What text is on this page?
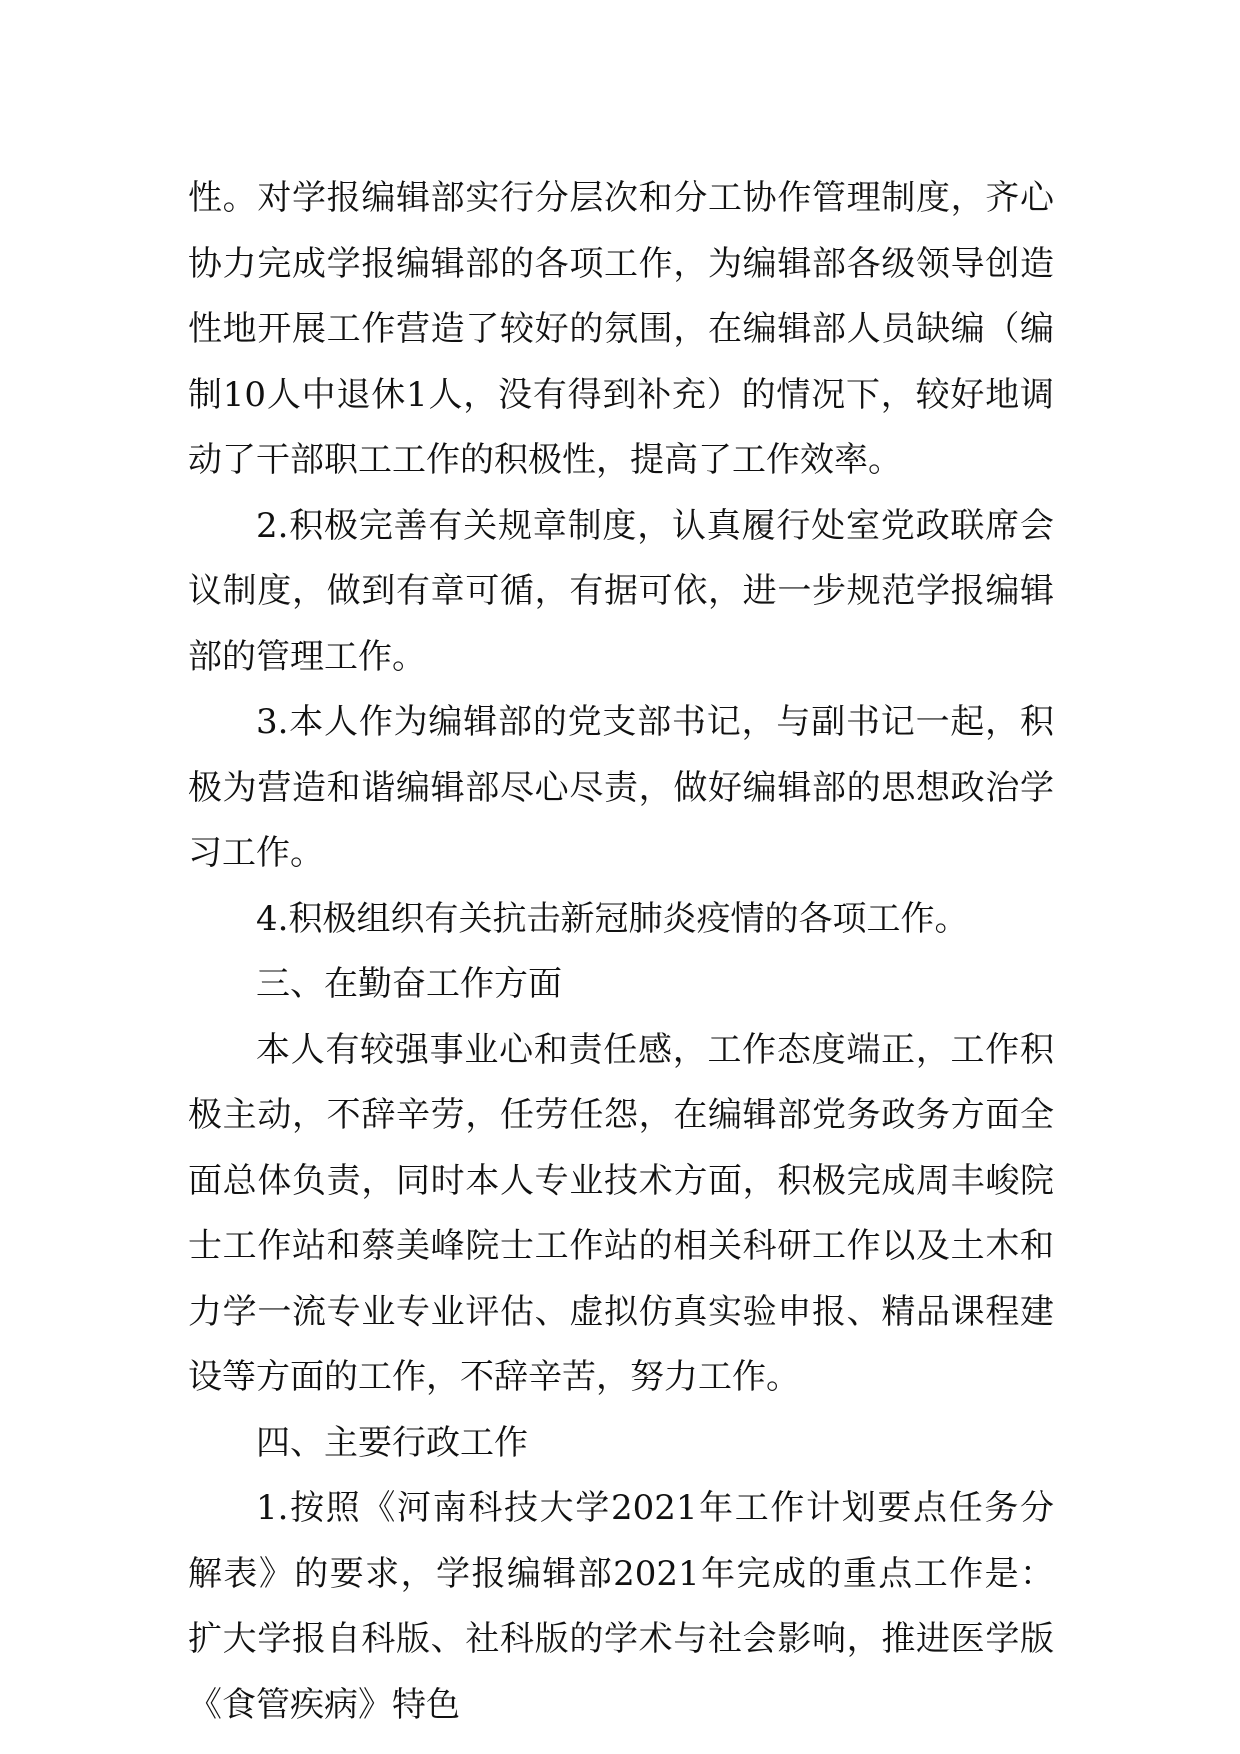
性。对学报编辑部实行分层次和分工协作管理制度，齐心协力完成学报编辑部的各项工作，为编辑部各级领导创造性地开展工作营造了较好的氛围，在编辑部人员缺编（编制10人中退休1人，没有得到补充）的情况下，较好地调动了干部职工工作的积极性，提高了工作效率。

2.积极完善有关规章制度，认真履行处室党政联席会议制度，做到有章可循，有据可依，进一步规范学报编辑部的管理工作。

3.本人作为编辑部的党支部书记，与副书记一起，积极为营造和谐编辑部尽心尽责，做好编辑部的思想政治学习工作。

4.积极组织有关抗击新冠肺炎疫情的各项工作。

三、在勤奋工作方面

本人有较强事业心和责任感，工作态度端正，工作积极主动，不辞辛劳，任劳任怨，在编辑部党务政务方面全面总体负责，同时本人专业技术方面，积极完成周丰峻院士工作站和蔡美峰院士工作站的相关科研工作以及土木和力学一流专业专业评估、虚拟仿真实验申报、精品课程建设等方面的工作，不辞辛苦，努力工作。

四、主要行政工作

1.按照《河南科技大学2021年工作计划要点任务分解表》的要求，学报编辑部2021年完成的重点工作是：扩大学报自科版、社科版的学术与社会影响，推进医学版《食管疾病》特色
